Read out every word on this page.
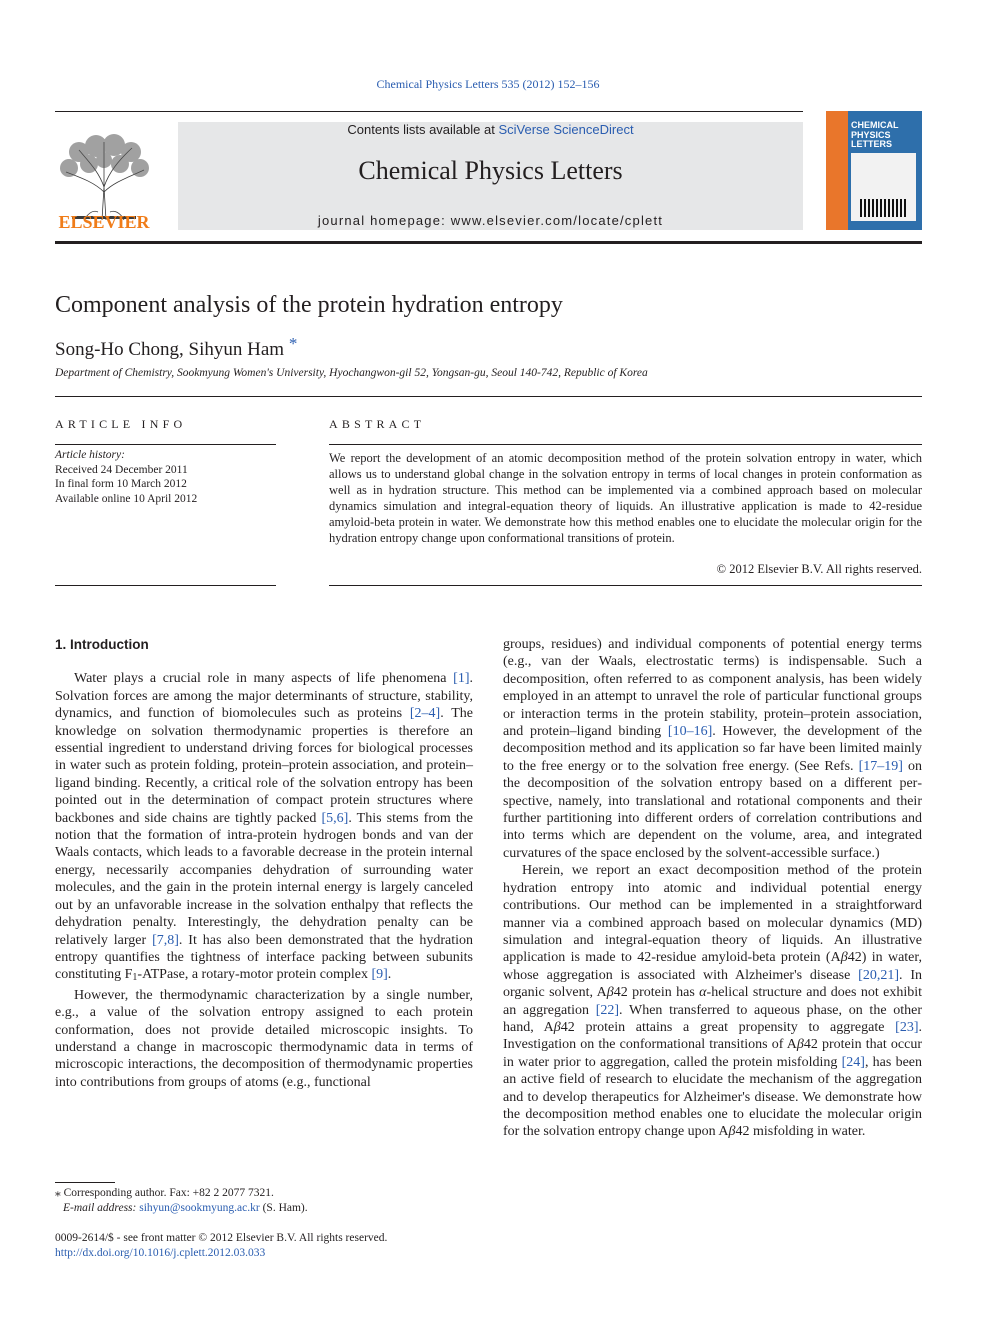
Chemical Physics Letters 535 (2012) 152–156
ELSEVIER
Contents lists available at SciVerse ScienceDirect
Chemical Physics Letters
journal homepage: www.elsevier.com/locate/cplett
CHEMICAL
PHYSICS
LETTERS
Component analysis of the protein hydration entropy
Song-Ho Chong, Sihyun Ham *
Department of Chemistry, Sookmyung Women's University, Hyochangwon-gil 52, Yongsan-gu, Seoul 140-742, Republic of Korea
ARTICLE INFO
Article history:
Received 24 December 2011
In final form 10 March 2012
Available online 10 April 2012
ABSTRACT
We report the development of an atomic decomposition method of the protein solvation entropy in water, which allows us to understand global change in the solvation entropy in terms of local changes in protein conformation as well as in hydration structure. This method can be implemented via a combined approach based on molecular dynamics simulation and integral-equation theory of liquids. An illustrative application is made to 42-residue amyloid-beta protein in water. We demonstrate how this method enables one to elucidate the molecular origin for the hydration entropy change upon conformational transitions of protein.
© 2012 Elsevier B.V. All rights reserved.

1. Introduction

Water plays a crucial role in many aspects of life phenomena [1]. Solvation forces are among the major determinants of structure, stability, dynamics, and function of biomolecules such as proteins [2–4]. The knowledge on solvation thermodynamic properties is therefore an essential ingredient to understand driving forces for biological processes in water such as protein folding, protein–protein association, and protein–ligand binding. Recently, a critical role of the solvation entropy has been pointed out in the determination of compact protein structures where backbones and side chains are tightly packed [5,6]. This stems from the notion that the formation of intra-protein hydrogen bonds and van der Waals contacts, which leads to a favorable decrease in the protein internal energy, necessarily accompanies dehydration of surrounding water molecules, and the gain in the protein internal energy is largely canceled out by an unfavorable increase in the solvation enthalpy that reflects the dehydration penalty. Interestingly, the dehydration penalty can be relatively larger [7,8]. It has also been demonstrated that the hydration entropy quantifies the tightness of interface packing between subunits constituting $F_1$-ATPase, a rotary-motor protein complex [9].

However, the thermodynamic characterization by a single number, e.g., a value of the solvation entropy assigned to each protein conformation, does not provide detailed microscopic insights. To understand a change in macroscopic thermodynamic data in terms of microscopic interactions, the decomposition of thermodynamic properties into contributions from groups of atoms (e.g., functional

groups, residues) and individual components of potential energy terms (e.g., van der Waals, electrostatic terms) is indispensable. Such a decomposition, often referred to as component analysis, has been widely employed in an attempt to unravel the role of particular functional groups or interaction terms in the protein stability, protein–protein association, and protein–ligand binding [10–16]. However, the development of the decomposition method and its application so far have been limited mainly to the free energy or to the solvation free energy. (See Refs. [17–19] on the decomposition of the solvation entropy based on a different perspective, namely, into translational and rotational components and their further partitioning into different orders of correlation contributions and into terms which are dependent on the volume, area, and integrated curvatures of the space enclosed by the solvent-accessible surface.)

Herein, we report an exact decomposition method of the protein hydration entropy into atomic and individual potential energy contributions. Our method can be implemented in a straightforward manner via a combined approach based on molecular dynamics (MD) simulation and integral-equation theory of liquids. An illustrative application is made to 42-residue amyloid-beta protein (Aβ42) in water, whose aggregation is associated with Alzheimer's disease [20,21]. In organic solvent, Aβ42 protein has α-helical structure and does not exhibit an aggregation [22]. When transferred to aqueous phase, on the other hand, Aβ42 protein attains a great propensity to aggregate [23]. Investigation on the conformational transitions of Aβ42 protein that occur in water prior to aggregation, called the protein misfolding [24], has been an active field of research to elucidate the mechanism of the aggregation and to develop therapeutics for Alzheimer's disease. We demonstrate how the decomposition method enables one to elucidate the molecular origin for the solvation entropy change upon Aβ42 misfolding in water.

⁎ Corresponding author. Fax: +82 2 2077 7321.
E-mail address: sihyun@sookmyung.ac.kr (S. Ham).
0009-2614/$ - see front matter © 2012 Elsevier B.V. All rights reserved.
http://dx.doi.org/10.1016/j.cplett.2012.03.033
